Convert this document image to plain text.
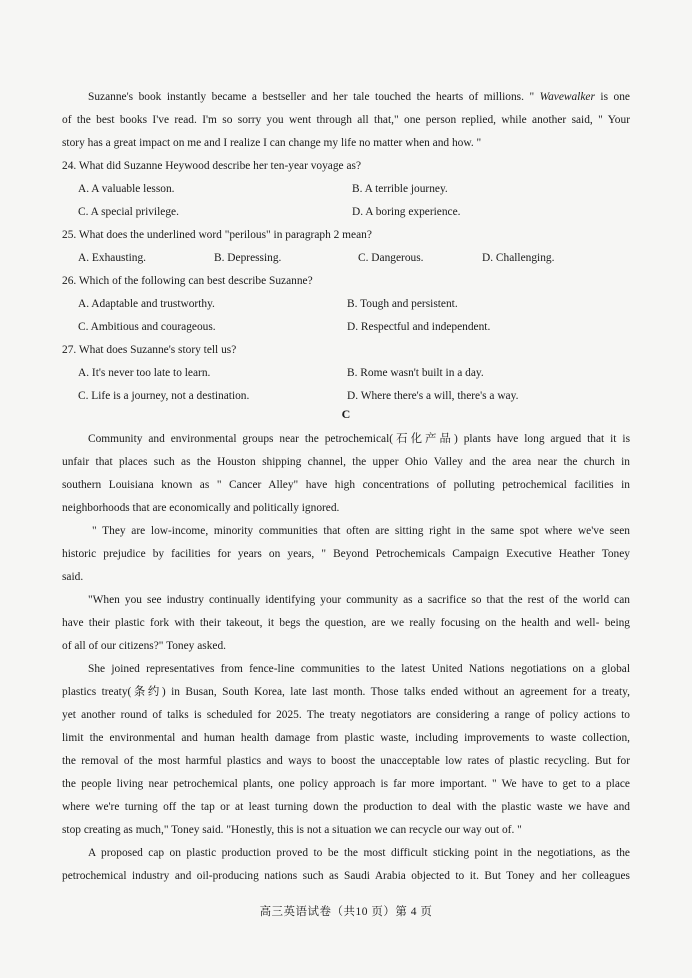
Suzanne's book instantly became a bestseller and her tale touched the hearts of millions. " Wavewalker is one
of the best books I've read. I'm so sorry you went through all that," one person replied, while another said, " Your
story has a great impact on me and I realize I can change my life no matter when and how. "
24. What did Suzanne Heywood describe her ten-year voyage as?
A. A valuable lesson.	B. A terrible journey.
C. A special privilege.	D. A boring experience.
25. What does the underlined word "perilous" in paragraph 2 mean?
A. Exhausting.	B. Depressing.	C. Dangerous.	D. Challenging.
26. Which of the following can best describe Suzanne?
A. Adaptable and trustworthy.	B. Tough and persistent.
C. Ambitious and courageous.	D. Respectful and independent.
27. What does Suzanne's story tell us?
A. It's never too late to learn.	B. Rome wasn't built in a day.
C. Life is a journey, not a destination.	D. Where there's a will, there's a way.
C
Community and environmental groups near the petrochemical(石化产品) plants have long argued that it is
unfair that places such as the Houston shipping channel, the upper Ohio Valley and the area near the church in
southern Louisiana known as " Cancer Alley" have high concentrations of polluting petrochemical facilities in
neighborhoods that are economically and politically ignored.
" They are low-income, minority communities that often are sitting right in the same spot where we've seen
historic prejudice by facilities for years on years, " Beyond Petrochemicals Campaign Executive Heather Toney
said.
"When you see industry continually identifying your community as a sacrifice so that the rest of the world can
have their plastic fork with their takeout, it begs the question, are we really focusing on the health and well- being
of all of our citizens?" Toney asked.
She joined representatives from fence-line communities to the latest United Nations negotiations on a global
plastics treaty(条约) in Busan, South Korea, late last month. Those talks ended without an agreement for a treaty,
yet another round of talks is scheduled for 2025. The treaty negotiators are considering a range of policy actions to
limit the environmental and human health damage from plastic waste, including improvements to waste collection,
the removal of the most harmful plastics and ways to boost the unacceptable low rates of plastic recycling. But for
the people living near petrochemical plants, one policy approach is far more important. " We have to get to a place
where we're turning off the tap or at least turning down the production to deal with the plastic waste we have and
stop creating as much," Toney said. "Honestly, this is not a situation we can recycle our way out of. "
A proposed cap on plastic production proved to be the most difficult sticking point in the negotiations, as the
petrochemical industry and oil-producing nations such as Saudi Arabia objected to it. But Toney and her colleagues
高三英语试卷（共10 页）第 4 页
